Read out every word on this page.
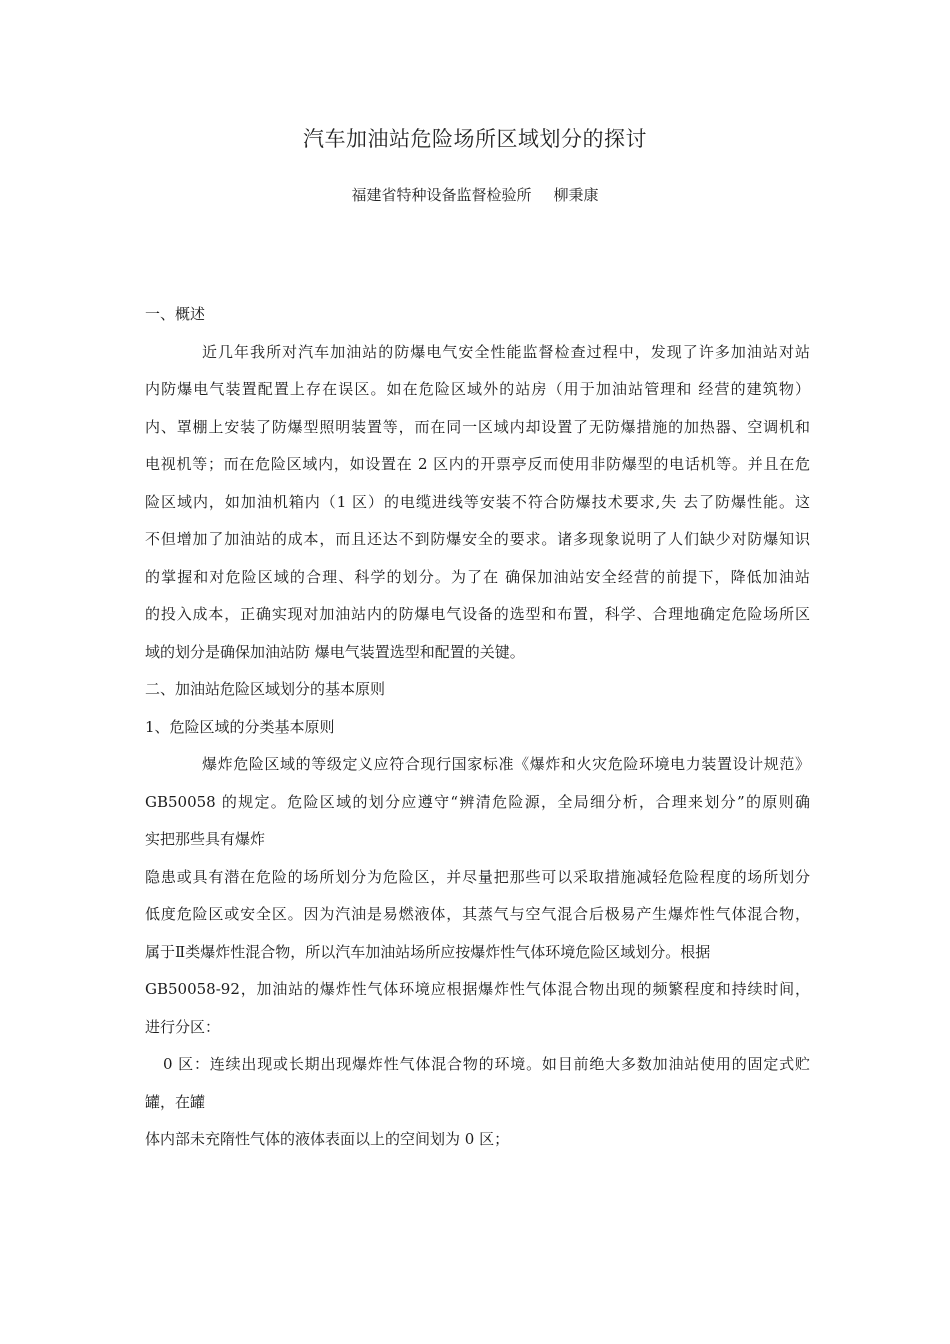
汽车加油站危险场所区域划分的探讨
福建省特种设备监督检验所 柳秉康
一、概述
近几年我所对汽车加油站的防爆电气安全性能监督检查过程中，发现了许多加油站对站
内防爆电气装置配置上存在误区。如在危险区域外的站房（用于加油站管理和 经营的建筑物）
内、罩棚上安装了防爆型照明装置等，而在同一区域内却设置了无防爆措施的加热器、空调机和
电视机等；而在危险区域内，如设置在 2 区内的开票亭反而使用非防爆型的电话机等。并且在危
险区域内，如加油机箱内（1 区）的电缆进线等安装不符合防爆技术要求,失 去了防爆性能。这
不但增加了加油站的成本，而且还达不到防爆安全的要求。诸多现象说明了人们缺少对防爆知识
的掌握和对危险区域的合理、科学的划分。为了在 确保加油站安全经营的前提下，降低加油站
的投入成本，正确实现对加油站内的防爆电气设备的选型和布置，科学、合理地确定危险场所区
域的划分是确保加油站防 爆电气装置选型和配置的关键。
二、加油站危险区域划分的基本原则
1、危险区域的分类基本原则
爆炸危险区域的等级定义应符合现行国家标准《爆炸和火灾危险环境电力装置设计规范》
GB50058 的规定。危险区域的划分应遵守“辨清危险源，全局细分析，合理来划分”的原则确
实把那些具有爆炸
隐患或具有潜在危险的场所划分为危险区，并尽量把那些可以采取措施减轻危险程度的场所划分
低度危险区或安全区。因为汽油是易燃液体，其蒸气与空气混合后极易产生爆炸性气体混合物，
属于Ⅱ类爆炸性混合物，所以汽车加油站场所应按爆炸性气体环境危险区域划分。根据
GB50058-92，加油站的爆炸性气体环境应根据爆炸性气体混合物出现的频繁程度和持续时间，
进行分区：
0 区：连续出现或长期出现爆炸性气体混合物的环境。如目前绝大多数加油站使用的固定式贮
罐，在罐
体内部未充隋性气体的液体表面以上的空间划为 0 区；
